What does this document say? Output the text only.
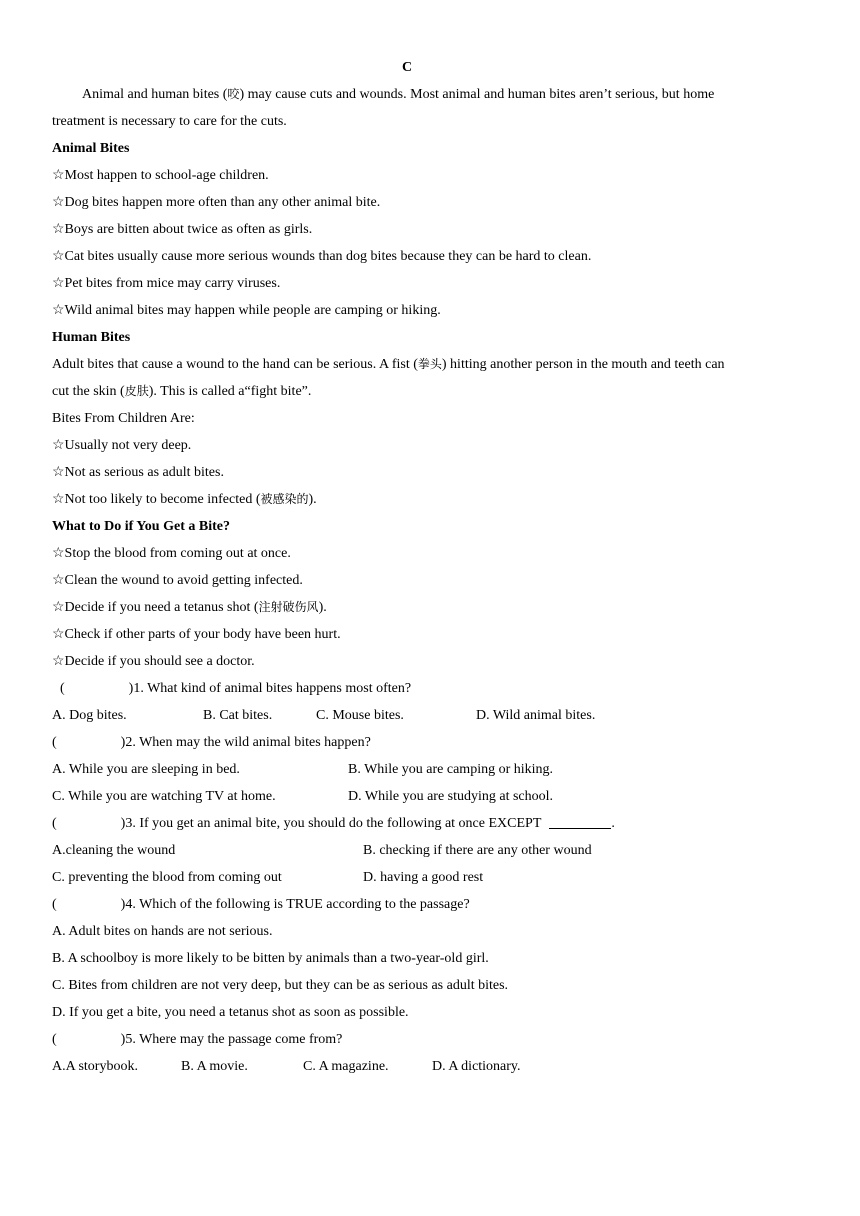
C
Animal and human bites (咬) may cause cuts and wounds. Most animal and human bites aren’t serious, but home
treatment is necessary to care for the cuts.
Animal Bites
☆Most happen to school-age children.
☆Dog bites happen more often than any other animal bite.
☆Boys are bitten about twice as often as girls.
☆Cat bites usually cause more serious wounds than dog bites because they can be hard to clean.
☆Pet bites from mice may carry viruses.
☆Wild animal bites may happen while people are camping or hiking.
Human Bites
Adult bites that cause a wound to the hand can be serious. A fist (拳头) hitting another person in the mouth and teeth can
cut the skin (皮肤). This is called a“fight bite”.
Bites From Children Are:
☆Usually not very deep.
☆Not as serious as adult bites.
☆Not too likely to become infected (被感染的).
What to Do if You Get a Bite?
☆Stop the blood from coming out at once.
☆Clean the wound to avoid getting infected.
☆Decide if you need a tetanus shot (注射破伤风).
☆Check if other parts of your body have been hurt.
☆Decide if you should see a doctor.
(	)1. What kind of animal bites happens most often?
A. Dog bites.	B. Cat bites.	C. Mouse bites.	D. Wild animal bites.
(	)2. When may the wild animal bites happen?
A. While you are sleeping in bed.	B. While you are camping or hiking.
C. While you are watching TV at home.	D. While you are studying at school.
(	)3. If you get an animal bite, you should do the following at once EXCEPT	.
A.cleaning the wound	B. checking if there are any other wound
C. preventing the blood from coming out	D. having a good rest
(	)4. Which of the following is TRUE according to the passage?
A. Adult bites on hands are not serious.
B. A schoolboy is more likely to be bitten by animals than a two-year-old girl.
C. Bites from children are not very deep, but they can be as serious as adult bites.
D. If you get a bite, you need a tetanus shot as soon as possible.
(	)5. Where may the passage come from?
A.A storybook.	B. A movie.	C. A magazine.	D. A dictionary.
